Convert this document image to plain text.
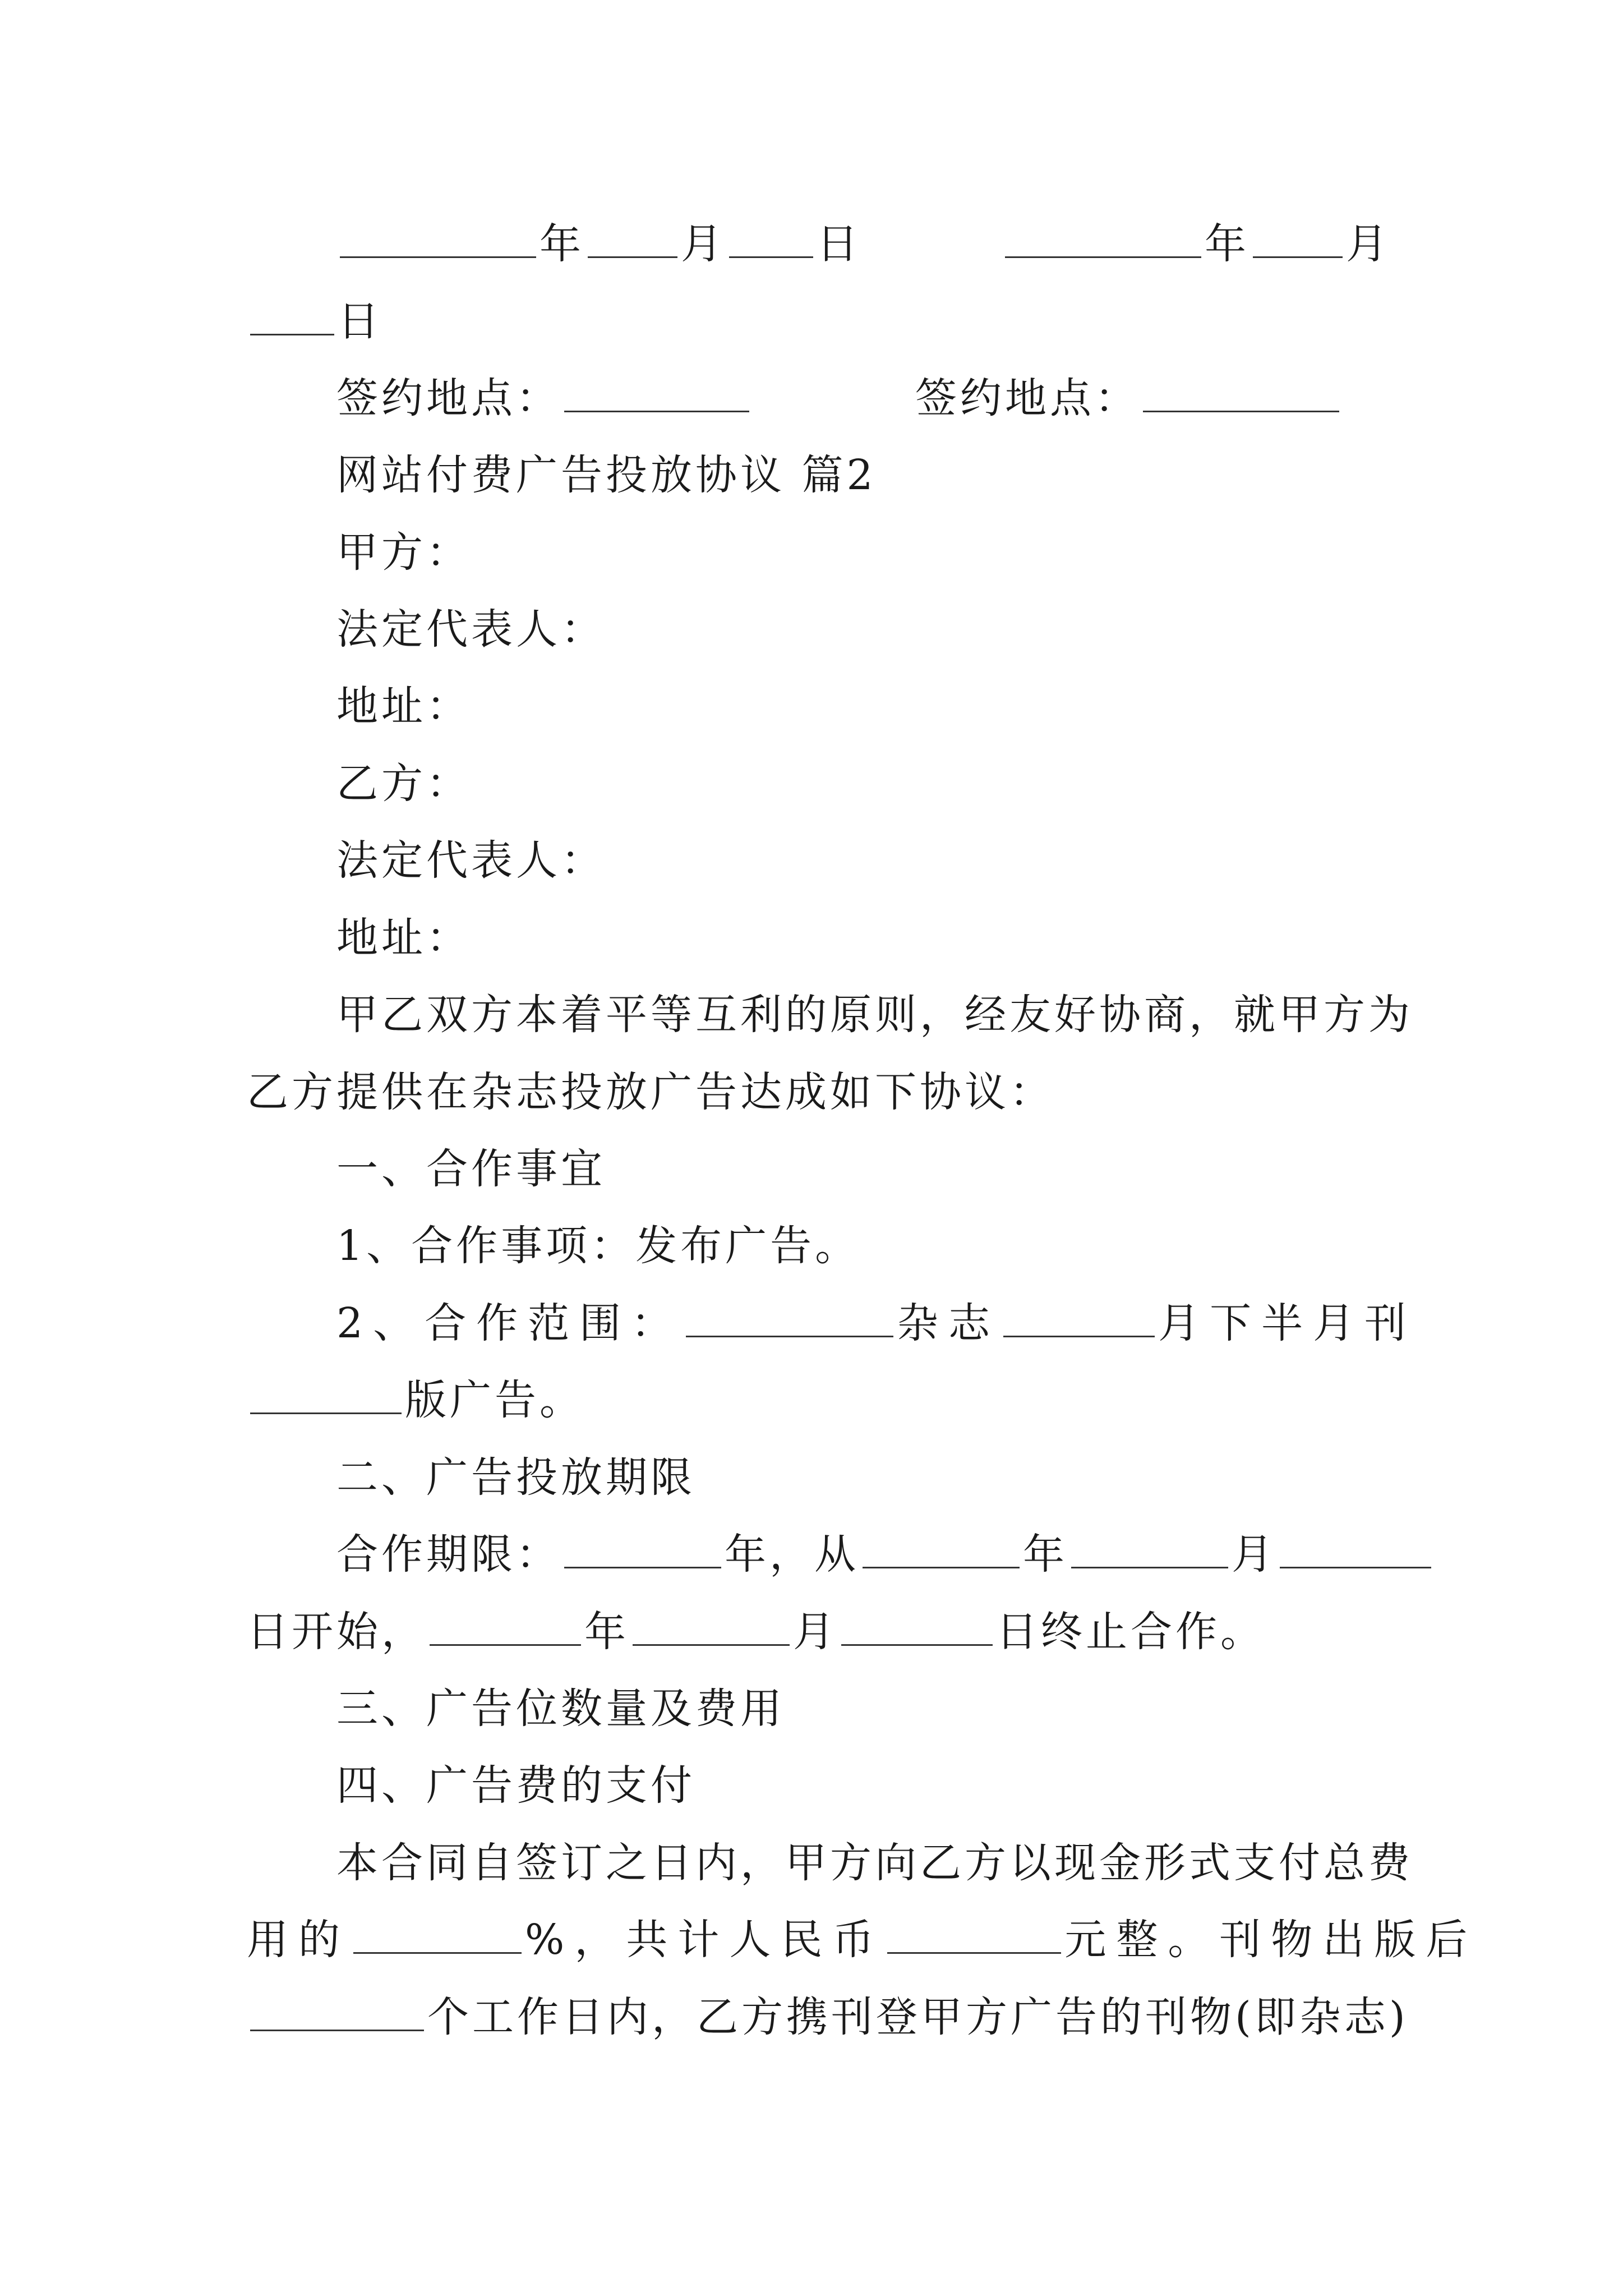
年 月 日	年 月
日
签约地点：	签约地点：
网站付费广告投放协议 篇2
甲方：
法定代表人：
地址：
乙方：
法定代表人：
地址：
甲乙双方本着平等互利的原则，经友好协商，就甲方为
乙方提供在杂志投放广告达成如下协议：
一、合作事宜
1、合作事项：发布广告。
2、合作范围：	杂志	月下半月刊
版广告。
二、广告投放期限
合作期限：	年，从	年	月
日开始，	年	月	日终止合作。
三、广告位数量及费用
四、广告费的支付
本合同自签订之日内，甲方向乙方以现金形式支付总费
用的	%，共计人民币	元整。刊物出版后
个工作日内，乙方携刊登甲方广告的刊物(即杂志)
